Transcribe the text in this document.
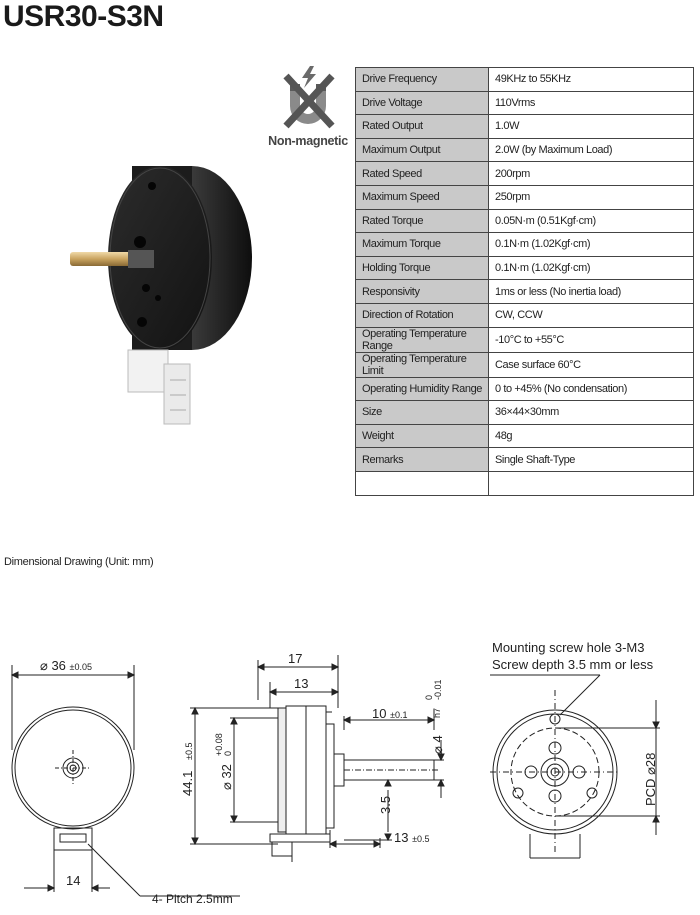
USR30-S3N
Non-magnetic
Drive Frequency	49KHz to 55KHz
Drive Voltage	110Vrms
Rated Output	1.0W
Maximum Output	2.0W (by Maximum Load)
Rated Speed	200rpm
Maximum Speed	250rpm
Rated Torque	0.05N·m (0.51Kgf·cm)
Maximum Torque	0.1N·m (1.02Kgf·cm)
Holding Torque	0.1N·m (1.02Kgf·cm)
Responsivity	1ms or less (No inertia load)
Direction of Rotation	CW, CCW
Operating Temperature Range	-10°C to +55°C
Operating Temperature Limit	Case surface 60°C
Operating Humidity Range	0 to +45% (No condensation)
Size	36×44×30mm
Weight	48g
Remarks	Single Shaft-Type

Dimensional Drawing (Unit: mm)
⌀ 36 ±0.05
14
4- Pitch 2.5mm
17
13
10 ±0.1
⌀ 4
h7
0 -0.01
44.1
±0.5
⌀ 32
+0.08 0
3.5
13 ±0.5
Mounting screw hole 3-M3
Screw depth 3.5 mm or less
PCD ⌀28
